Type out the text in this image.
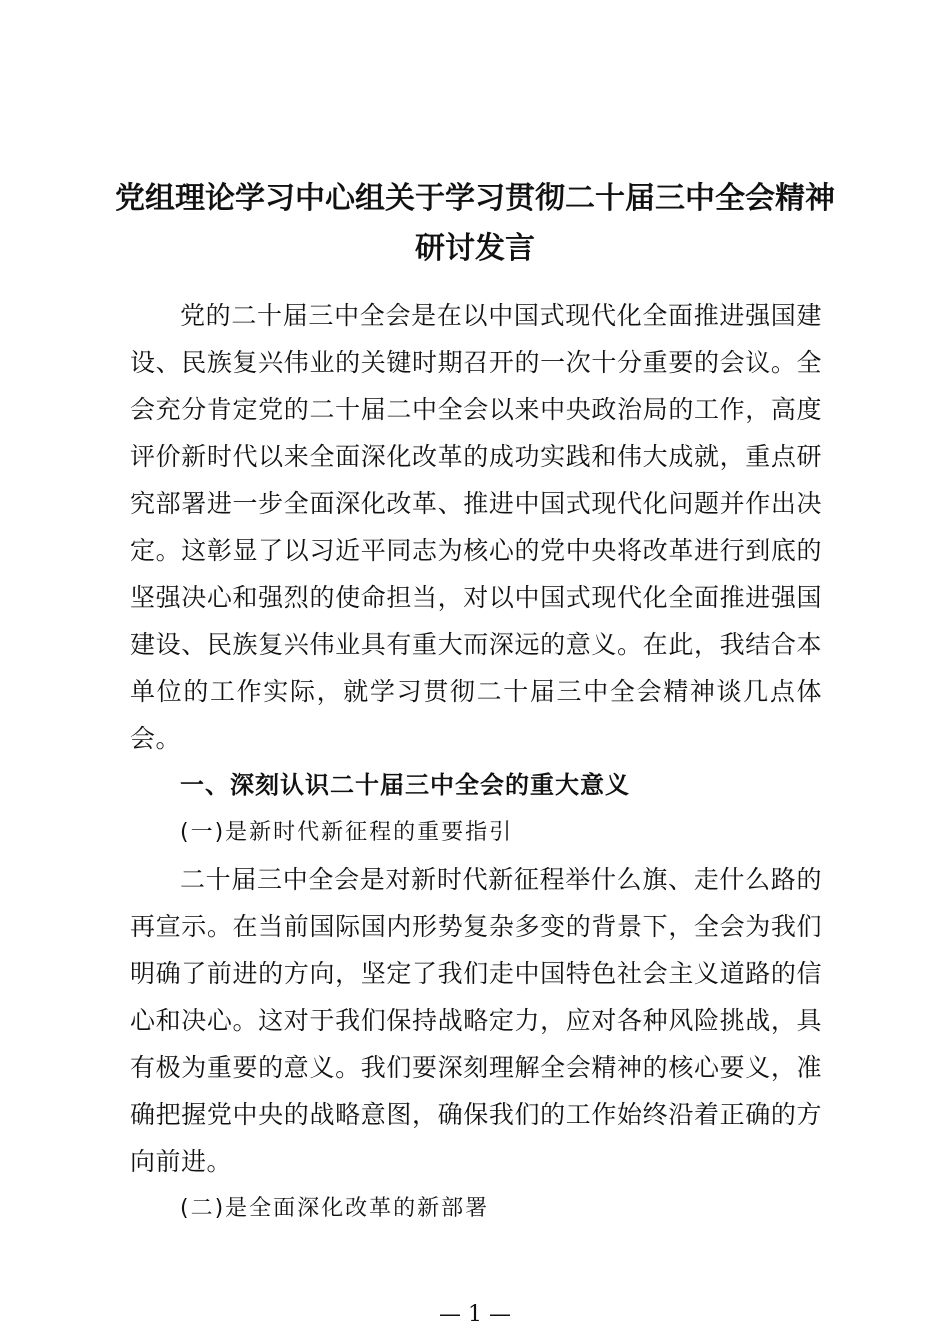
党组理论学习中心组关于学习贯彻二十届三中全会精神
研讨发言

党的二十届三中全会是在以中国式现代化全面推进强国建设、民族复兴伟业的关键时期召开的一次十分重要的会议。全会充分肯定党的二十届二中全会以来中央政治局的工作，高度评价新时代以来全面深化改革的成功实践和伟大成就，重点研究部署进一步全面深化改革、推进中国式现代化问题并作出决定。这彰显了以习近平同志为核心的党中央将改革进行到底的坚强决心和强烈的使命担当，对以中国式现代化全面推进强国建设、民族复兴伟业具有重大而深远的意义。在此，我结合本单位的工作实际，就学习贯彻二十届三中全会精神谈几点体会。

一、深刻认识二十届三中全会的重大意义

(一)是新时代新征程的重要指引

二十届三中全会是对新时代新征程举什么旗、走什么路的再宣示。在当前国际国内形势复杂多变的背景下，全会为我们明确了前进的方向，坚定了我们走中国特色社会主义道路的信心和决心。这对于我们保持战略定力，应对各种风险挑战，具有极为重要的意义。我们要深刻理解全会精神的核心要义，准确把握党中央的战略意图，确保我们的工作始终沿着正确的方向前进。

(二)是全面深化改革的新部署

— 1 —
